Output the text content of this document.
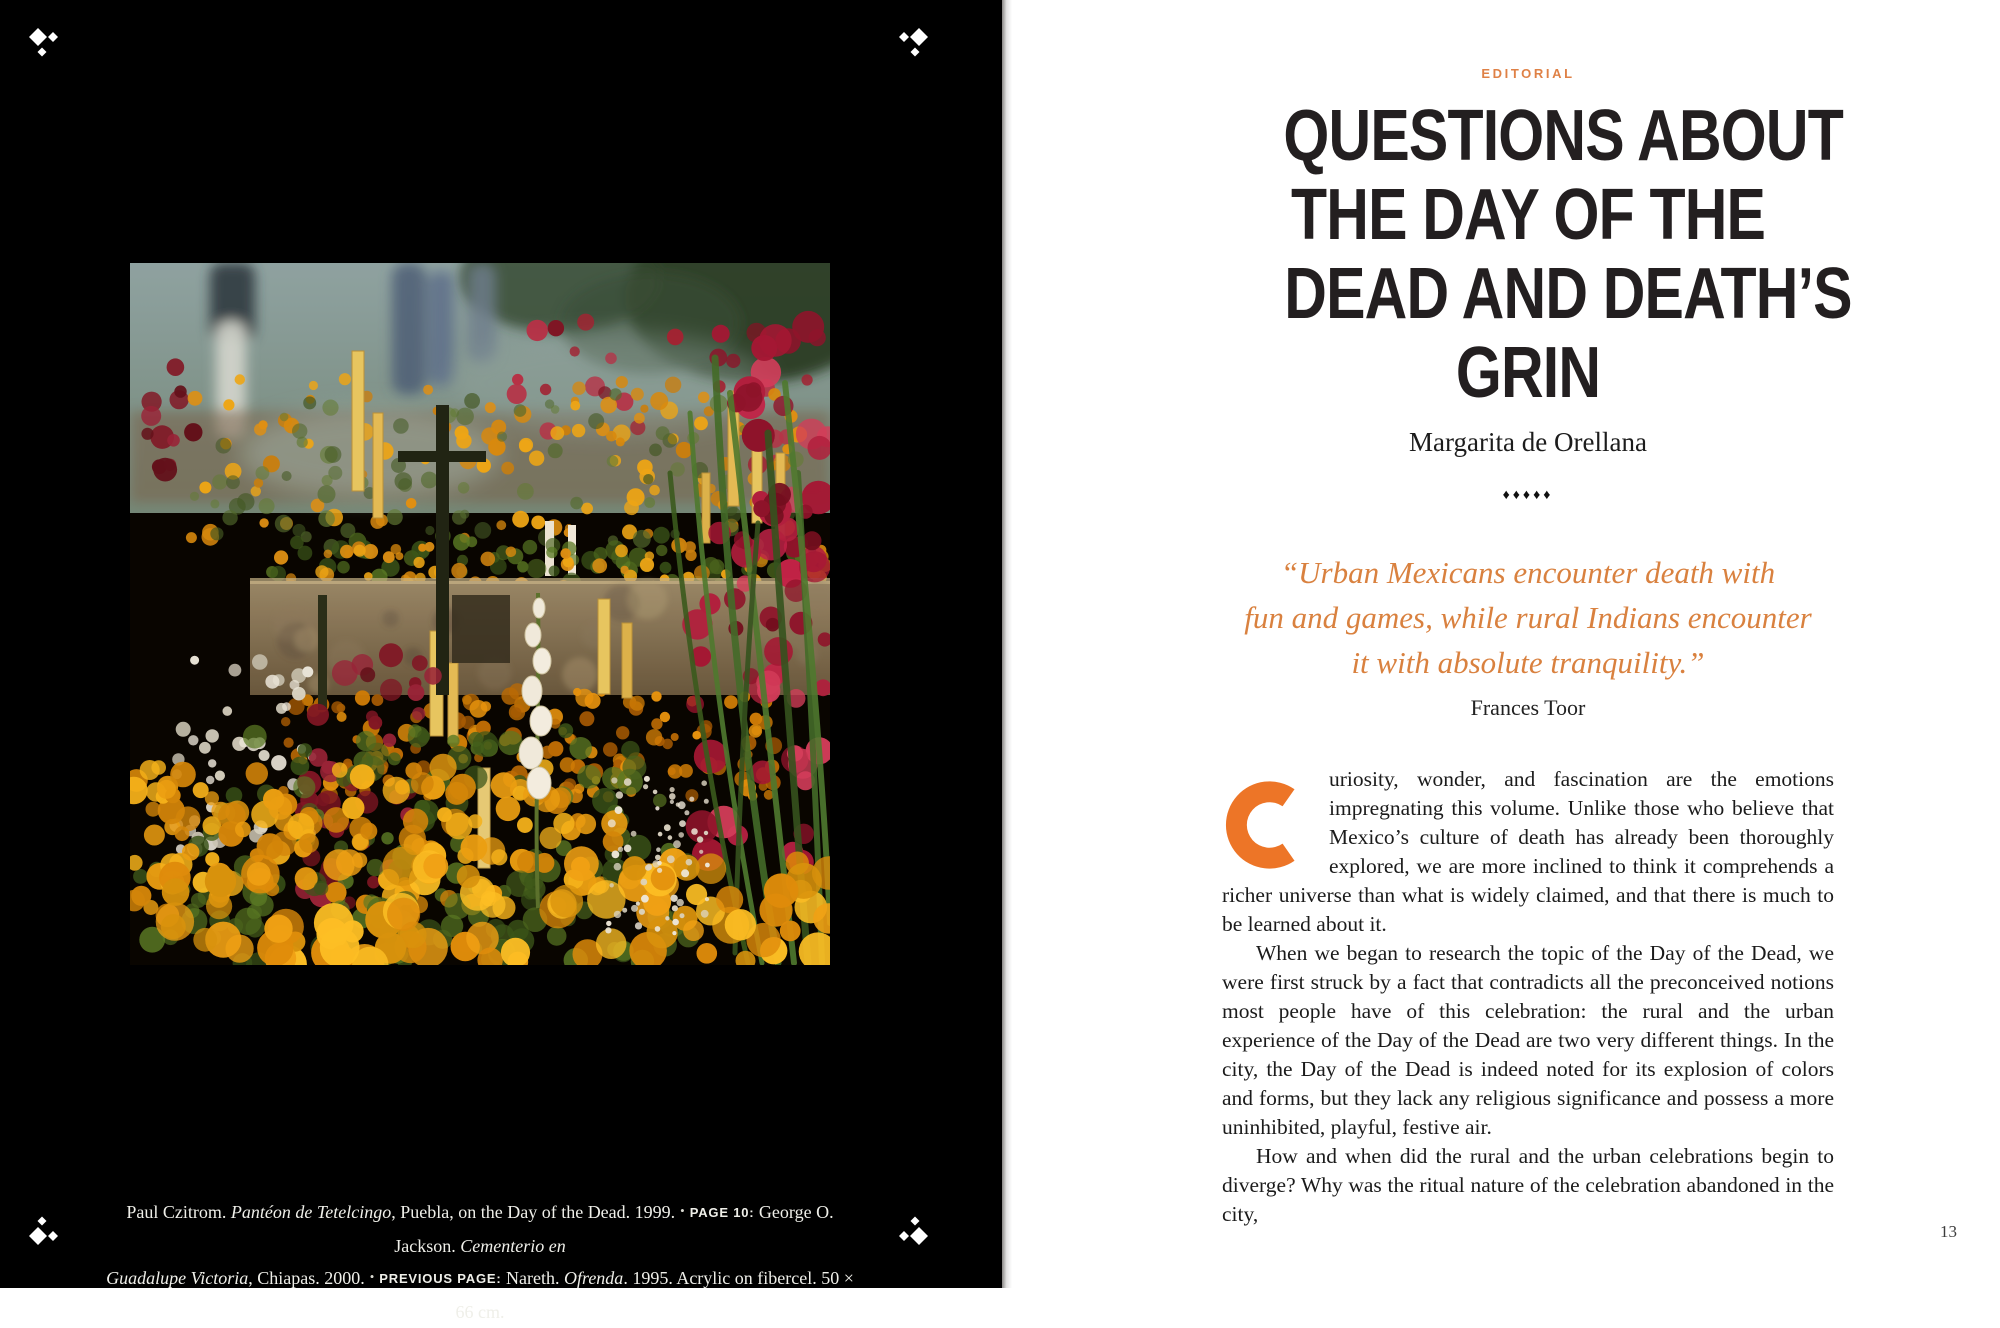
Paul Czitrom. Pantéon de Tetelcingo, Puebla, on the Day of the Dead. 1999. • PAGE 10: George O. Jackson. Cementerio en
Guadalupe Victoria, Chiapas. 2000. • PREVIOUS PAGE: Nareth. Ofrenda. 1995. Acrylic on fibercel. 50 × 66 cm.
EDITORIAL
QUESTIONS ABOUT
THE DAY OF THE
DEAD AND DEATH’S
GRIN
Margarita de Orellana
♦♦♦♦♦
“Urban Mexicans encounter death with
fun and games, while rural Indians encounter
it with absolute tranquility.”
Frances Toor

uriosity, wonder, and fascination are the emotions impregnating this volume. Unlike those who believe that Mexico’s culture of death has already been thoroughly explored, we are more inclined to think it comprehends a richer universe than what is widely claimed, and that there is much to be learned about it.

When we began to research the topic of the Day of the Dead, we were first struck by a fact that contradicts all the preconceived notions most people have of this celebration: the rural and the urban experience of the Day of the Dead are two very different things. In the city, the Day of the Dead is indeed noted for its explosion of colors and forms, but they lack any religious significance and possess a more uninhibited, playful, festive air.

How and when did the rural and the urban celebrations begin to diverge? Why was the ritual nature of the celebration abandoned in the city,

13
